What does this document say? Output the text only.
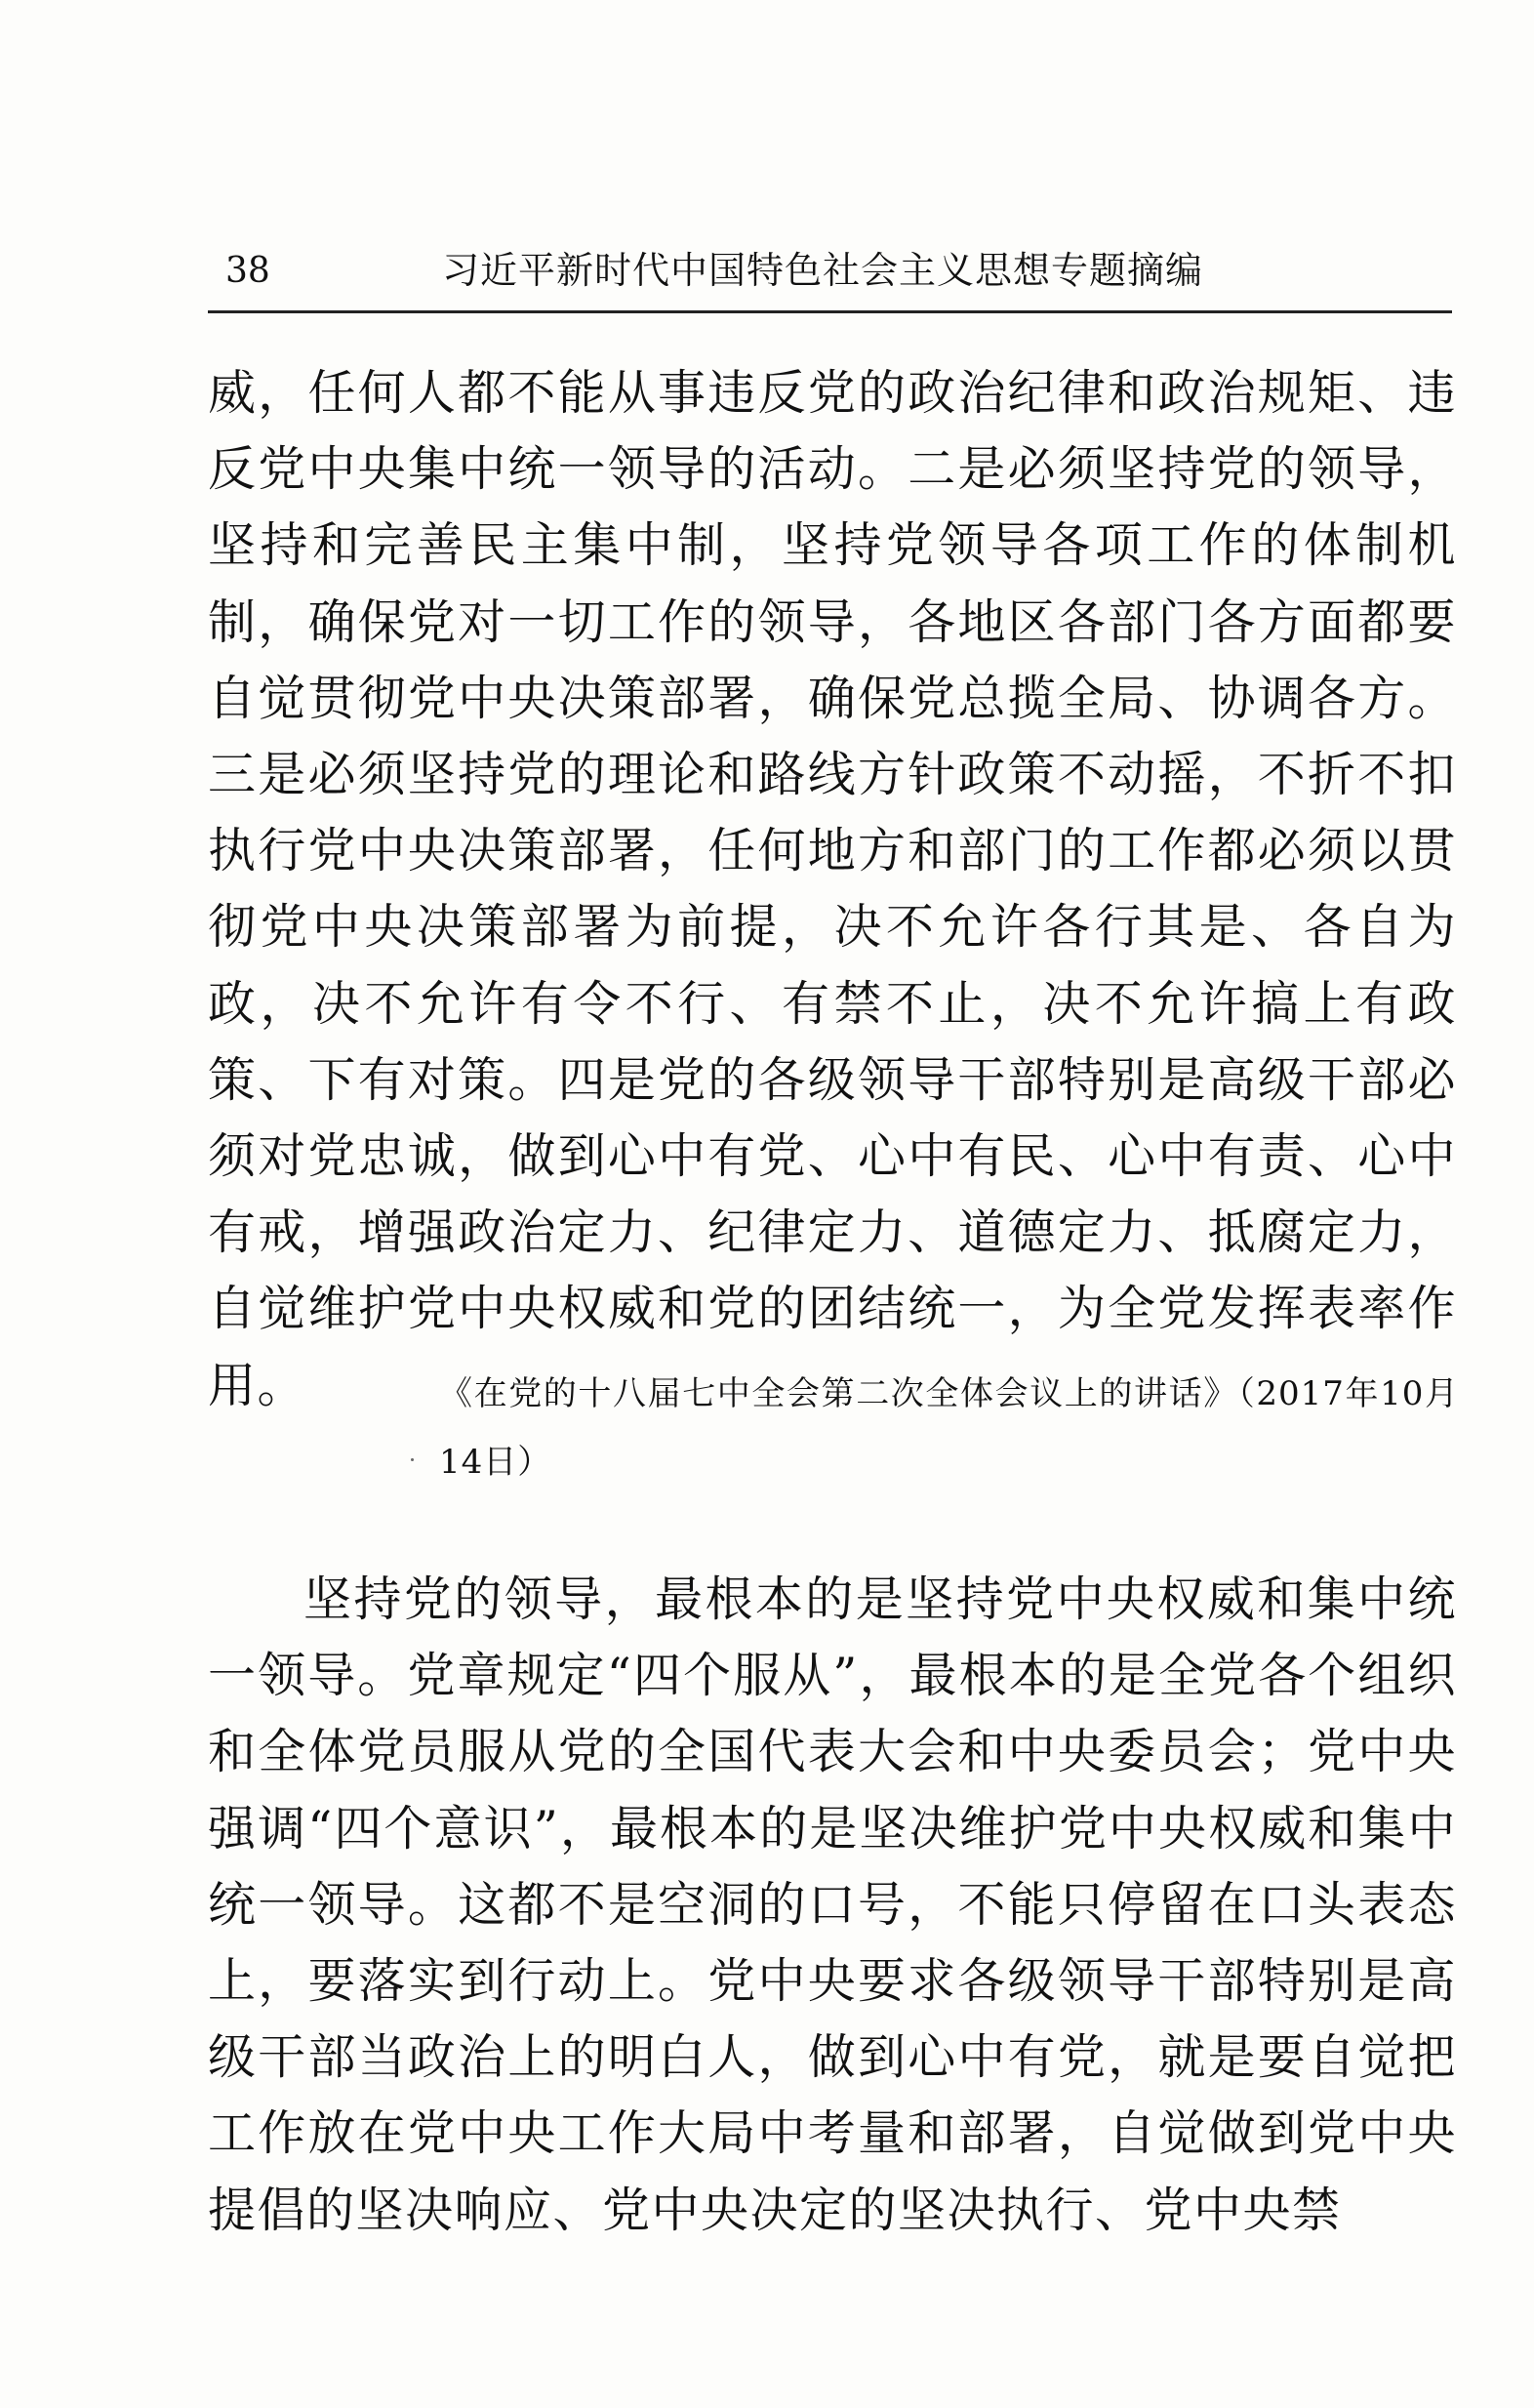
38	习近平新时代中国特色社会主义思想专题摘编

威，任何人都不能从事违反党的政治纪律和政治规矩、违反党中央集中统一领导的活动。二是必须坚持党的领导，坚持和完善民主集中制，坚持党领导各项工作的体制机制，确保党对一切工作的领导，各地区各部门各方面都要自觉贯彻党中央决策部署，确保党总揽全局、协调各方。三是必须坚持党的理论和路线方针政策不动摇，不折不扣执行党中央决策部署，任何地方和部门的工作都必须以贯彻党中央决策部署为前提，决不允许各行其是、各自为政，决不允许有令不行、有禁不止，决不允许搞上有政策、下有对策。四是党的各级领导干部特别是高级干部必须对党忠诚，做到心中有党、心中有民、心中有责、心中有戒，增强政治定力、纪律定力、道德定力、抵腐定力，自觉维护党中央权威和党的团结统一，为全党发挥表率作用。	《在党的十八届七中全会第二次全体会议上的讲话》（2017年10月14日）

坚持党的领导，最根本的是坚持党中央权威和集中统一领导。党章规定“四个服从”，最根本的是全党各个组织和全体党员服从党的全国代表大会和中央委员会；党中央强调“四个意识”，最根本的是坚决维护党中央权威和集中统一领导。这都不是空洞的口号，不能只停留在口头表态上，要落实到行动上。党中央要求各级领导干部特别是高级干部当政治上的明白人，做到心中有党，就是要自觉把工作放在党中央工作大局中考量和部署，自觉做到党中央提倡的坚决响应、党中央决定的坚决执行、党中央禁
